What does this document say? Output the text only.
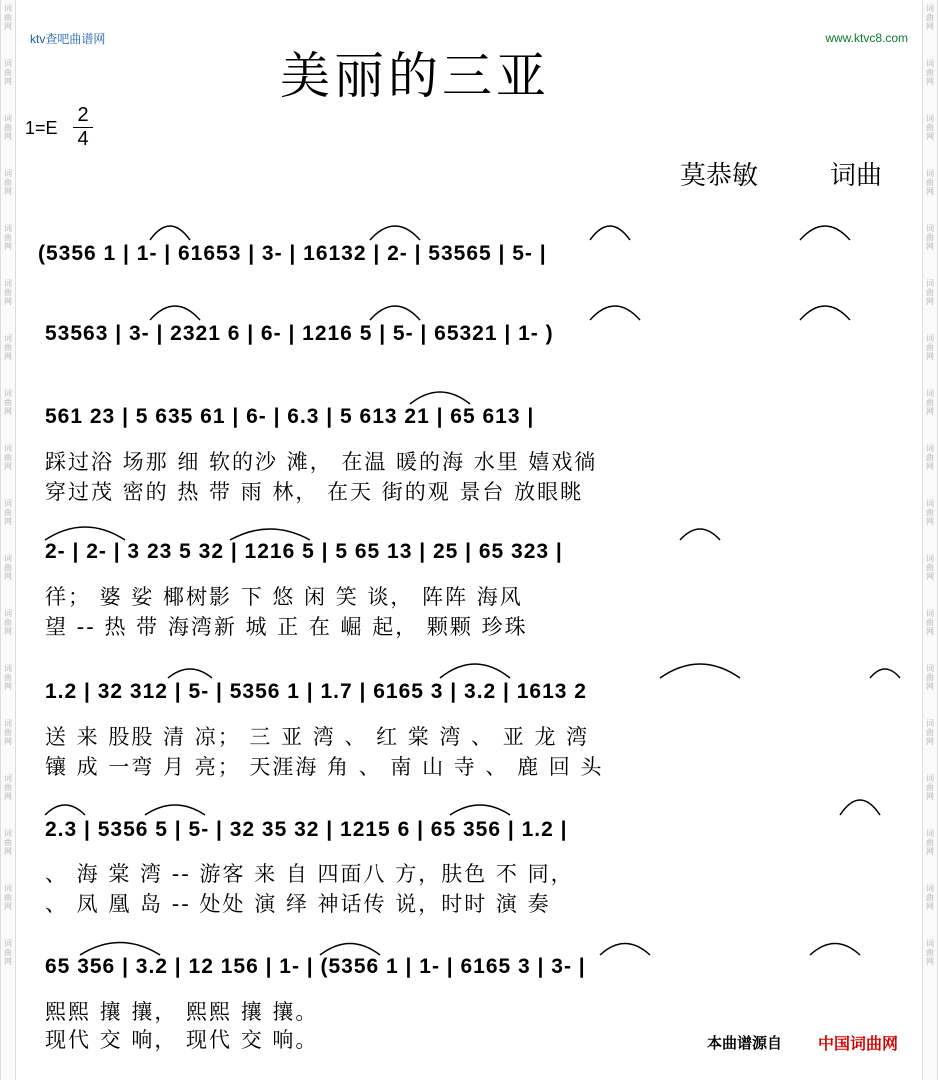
词 曲 网
词 曲 网
词 曲 网
词 曲 网
词 曲 网
词 曲 网
词 曲 网
词 曲 网
词 曲 网
词 曲 网
词 曲 网
词 曲 网
词 曲 网
词 曲 网
词 曲 网
词 曲 网
词 曲 网
词 曲 网
词 曲 网
词 曲 网
词 曲 网
词 曲 网
词 曲 网
词 曲 网
词 曲 网
词 曲 网
词 曲 网
词 曲 网
词 曲 网
词 曲 网
词 曲 网
词 曲 网
词 曲 网
词 曲 网
词 曲 网
词 曲 网
ktv查吧曲谱网	www.ktvc8.com
美丽的三亚
1=E
2
4
莫恭敏	词曲
(5356 1 | 1- | 61653 | 3- | 16132 | 2- | 53565 | 5- |
53563 | 3- | 2321 6 | 6- | 1216 5 | 5- | 65321 | 1- )
561 23 | 5 635 61 | 6- | 6.3 | 5 613 21 | 65 613 |
踩过浴 场那 细 软的沙 滩， 在温 暖的海 水里 嬉戏徜
穿过茂 密的 热 带 雨 林， 在天 街的观 景台 放眼眺
2- | 2- | 3 23 5 32 | 1216 5 | 5 65 13 | 25 | 65 323 |
徉； 婆 娑 椰树影 下 悠 闲 笑 谈， 阵阵 海风
望 -- 热 带 海湾新 城 正 在 崛 起， 颗颗 珍珠
1.2 | 32 312 | 5- | 5356 1 | 1.7 | 6165 3 | 3.2 | 1613 2
送 来 股股 清 凉； 三 亚 湾 、 红 棠 湾 、 亚 龙 湾
镶 成 一弯 月 亮； 天涯海 角 、 南 山 寺 、 鹿 回 头
2.3 | 5356 5 | 5- | 32 35 32 | 1215 6 | 65 356 | 1.2 |
、 海 棠 湾 -- 游客 来 自 四面八 方，肤色 不 同，
、 凤 凰 岛 -- 处处 演 绎 神话传 说，时时 演 奏
65 356 | 3.2 | 12 156 | 1- | (5356 1 | 1- | 6165 3 | 3- |
熙熙 攘 攘， 熙熙 攘 攘。
现代 交 响， 现代 交 响。	本曲谱源自 中国词曲网
